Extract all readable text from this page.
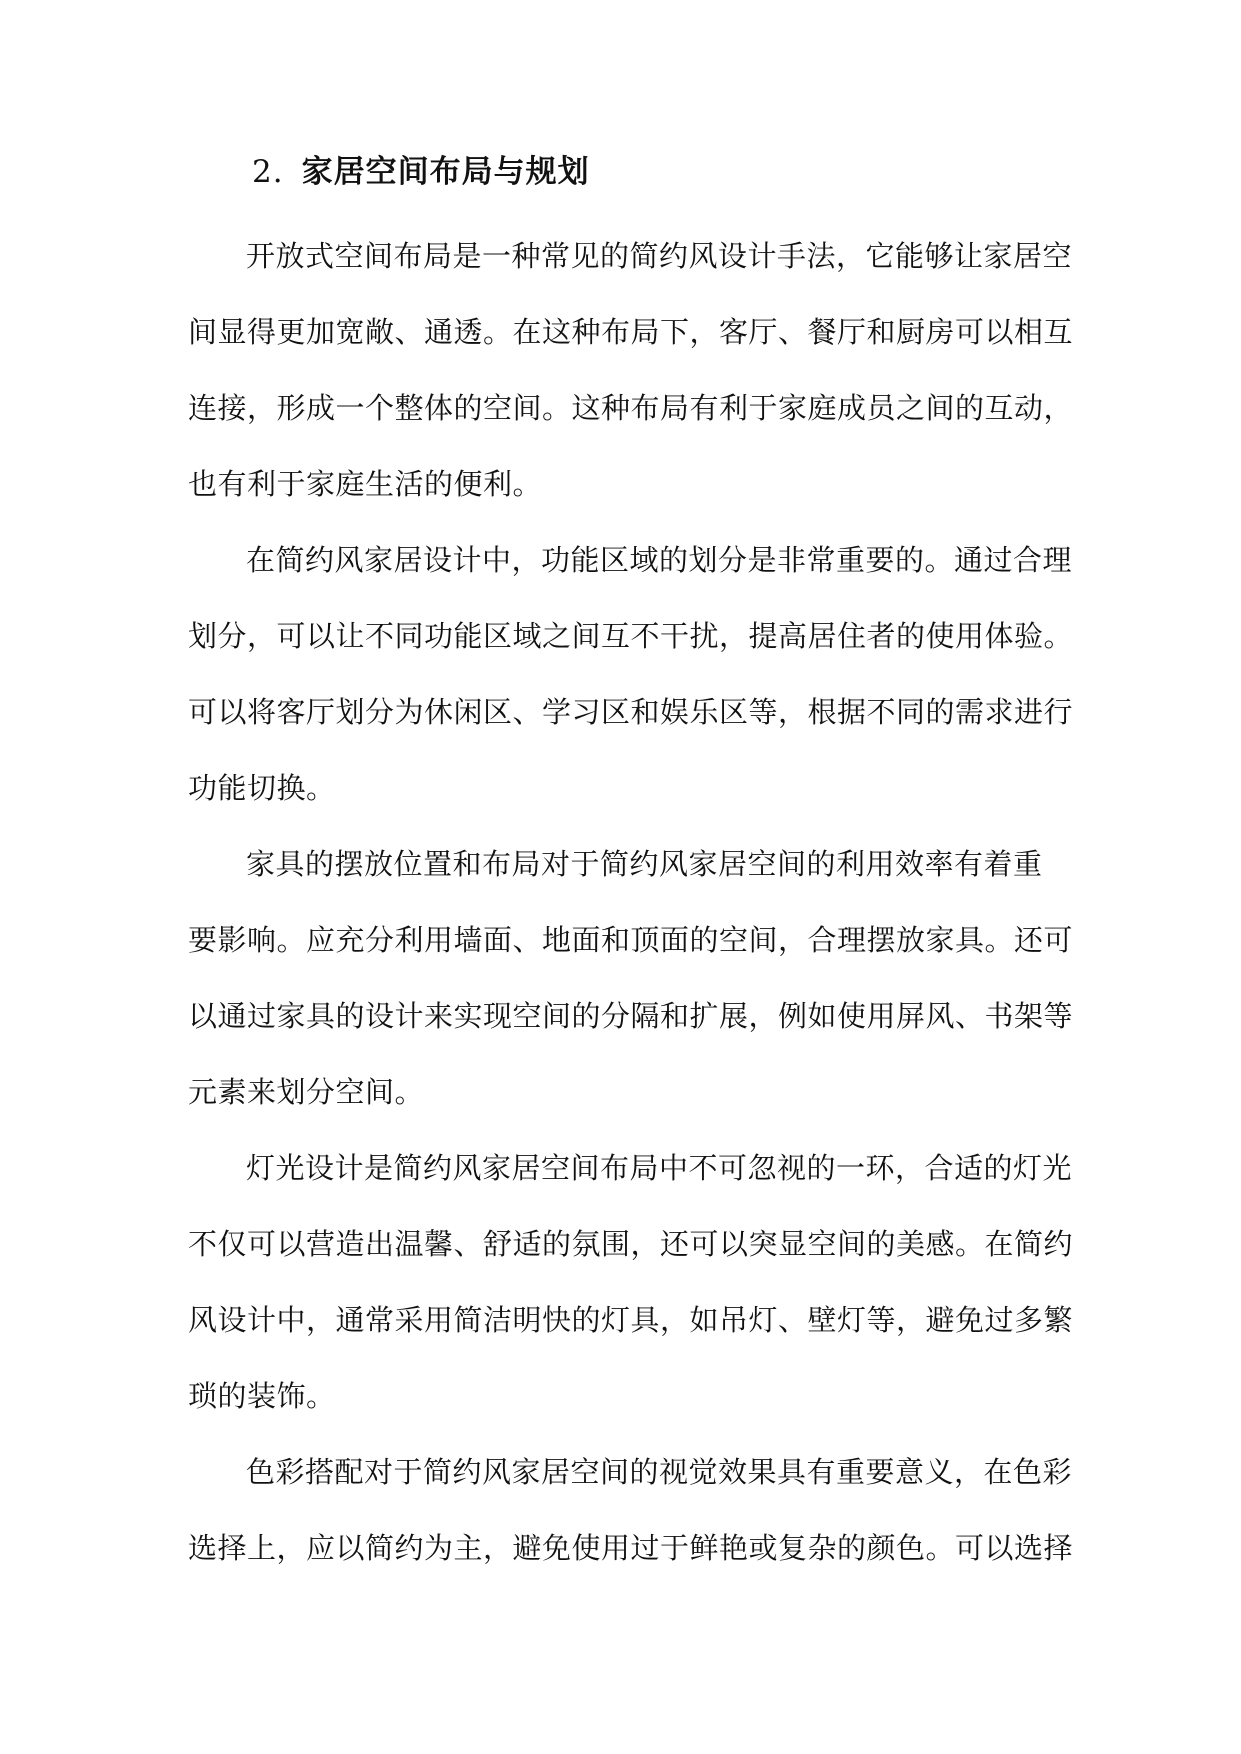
2. 家居空间布局与规划

开放式空间布局是一种常见的简约风设计手法，它能够让家居空
间显得更加宽敞、通透。在这种布局下，客厅、餐厅和厨房可以相互
连接，形成一个整体的空间。这种布局有利于家庭成员之间的互动，
也有利于家庭生活的便利。

在简约风家居设计中，功能区域的划分是非常重要的。通过合理
划分，可以让不同功能区域之间互不干扰，提高居住者的使用体验。
可以将客厅划分为休闲区、学习区和娱乐区等，根据不同的需求进行
功能切换。

家具的摆放位置和布局对于简约风家居空间的利用效率有着重
要影响。应充分利用墙面、地面和顶面的空间，合理摆放家具。还可
以通过家具的设计来实现空间的分隔和扩展，例如使用屏风、书架等
元素来划分空间。

灯光设计是简约风家居空间布局中不可忽视的一环，合适的灯光
不仅可以营造出温馨、舒适的氛围，还可以突显空间的美感。在简约
风设计中，通常采用简洁明快的灯具，如吊灯、壁灯等，避免过多繁
琐的装饰。

色彩搭配对于简约风家居空间的视觉效果具有重要意义，在色彩
选择上，应以简约为主，避免使用过于鲜艳或复杂的颜色。可以选择
